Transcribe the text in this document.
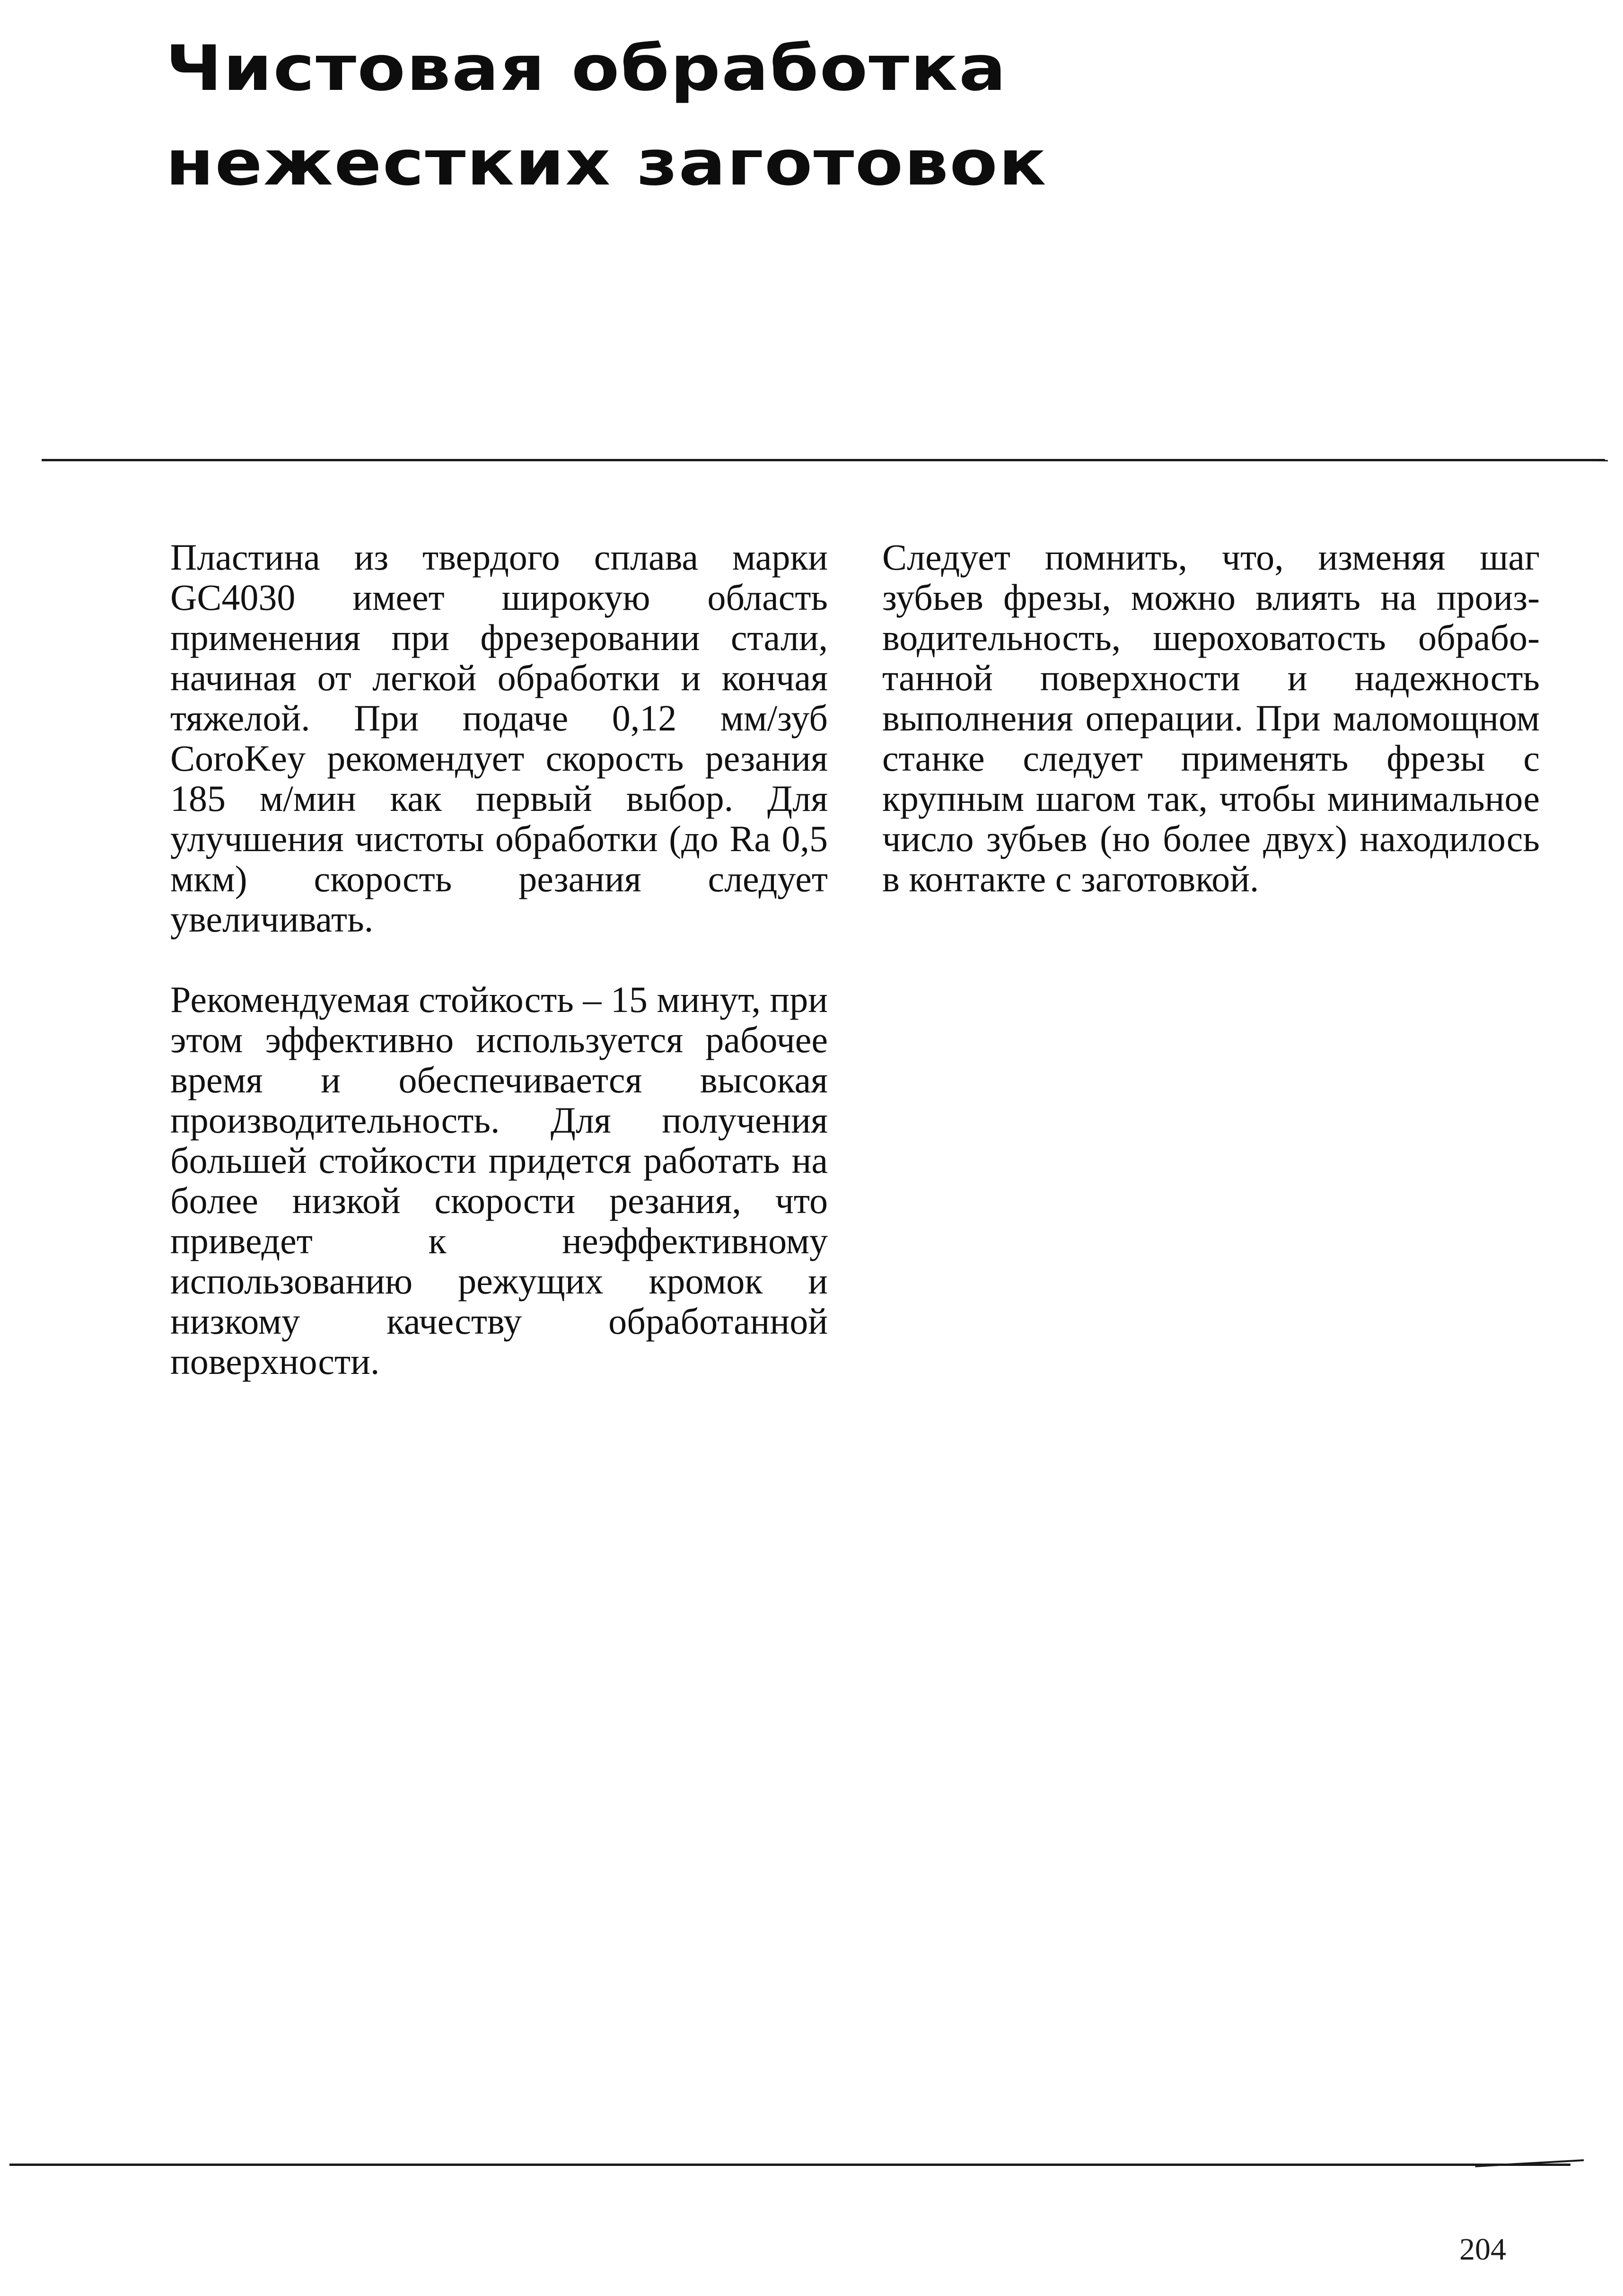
Чистовая обработка
нежестких заготовок

Пластина из твердого сплава марки GC4030 имеет широкую область применения при фрезеровании стали, начиная от легкой обработки и кончая тяжелой. При подаче 0,12 мм/зуб CoroKey рекомендует скорость резания 185 м/мин как первый выбор. Для улучшения чистоты обработки (до Ra 0,5 мкм) скорость резания следует увеличивать.

Рекомендуемая стойкость – 15 минут, при этом эффективно используется рабочее время и обеспечивается высокая производительность. Для получения большей стойкости придется работать на более низкой скорости резания, что приведет к неэффективному использованию режущих кромок и низкому качеству обработанной поверхности.

Следует помнить, что, изменяя шаг зубьев фрезы, можно влиять на производительность, шероховатость обработанной поверхности и надежность выполнения операции. При маломощном станке следует применять фрезы с крупным шагом так, чтобы минимальное число зубьев (но более двух) находилось в контакте с заготовкой.

204
